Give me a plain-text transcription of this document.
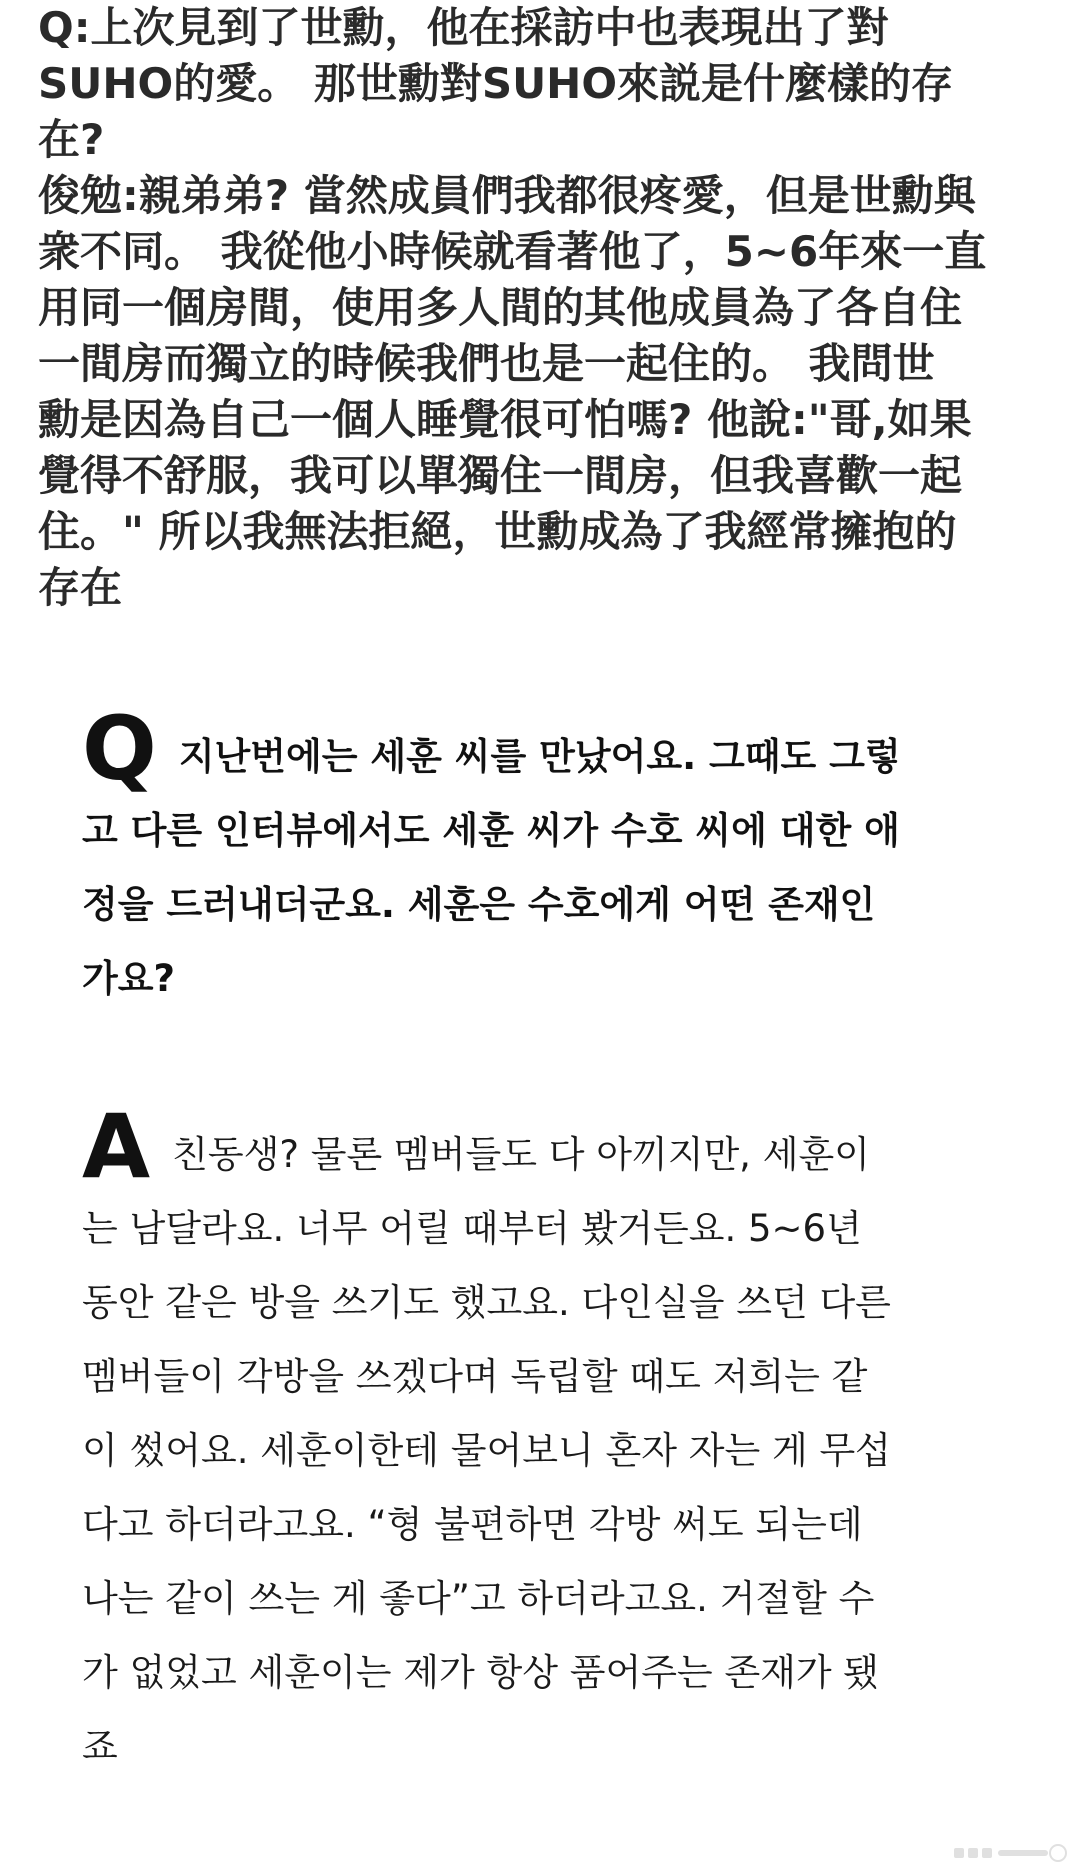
Q:上次見到了世勳，他在採訪中也表現出了對
SUHO的愛。 那世勳對SUHO來説是什麼樣的存
在?
俊勉:親弟弟? 當然成員們我都很疼愛，但是世勳與
衆不同。 我從他小時候就看著他了，5~6年來一直
用同一個房間，使用多人間的其他成員為了各自住
一間房而獨立的時候我們也是一起住的。 我問世
勳是因為自己一個人睡覺很可怕嗎? 他說:"哥,如果
覺得不舒服，我可以單獨住一間房，但我喜歡一起
住。" 所以我無法拒絕，世勳成為了我經常擁抱的
存在
Q 지난번에는 세훈 씨를 만났어요. 그때도 그렇
고 다른 인터뷰에서도 세훈 씨가 수호 씨에 대한 애
정을 드러내더군요. 세훈은 수호에게 어떤 존재인
가요?
A 친동생? 물론 멤버들도 다 아끼지만, 세훈이
는 남달라요. 너무 어릴 때부터 봤거든요. 5~6년
동안 같은 방을 쓰기도 했고요. 다인실을 쓰던 다른
멤버들이 각방을 쓰겠다며 독립할 때도 저희는 같
이 썼어요. 세훈이한테 물어보니 혼자 자는 게 무섭
다고 하더라고요. “형 불편하면 각방 써도 되는데
나는 같이 쓰는 게 좋다”고 하더라고요. 거절할 수
가 없었고 세훈이는 제가 항상 품어주는 존재가 됐
죠
